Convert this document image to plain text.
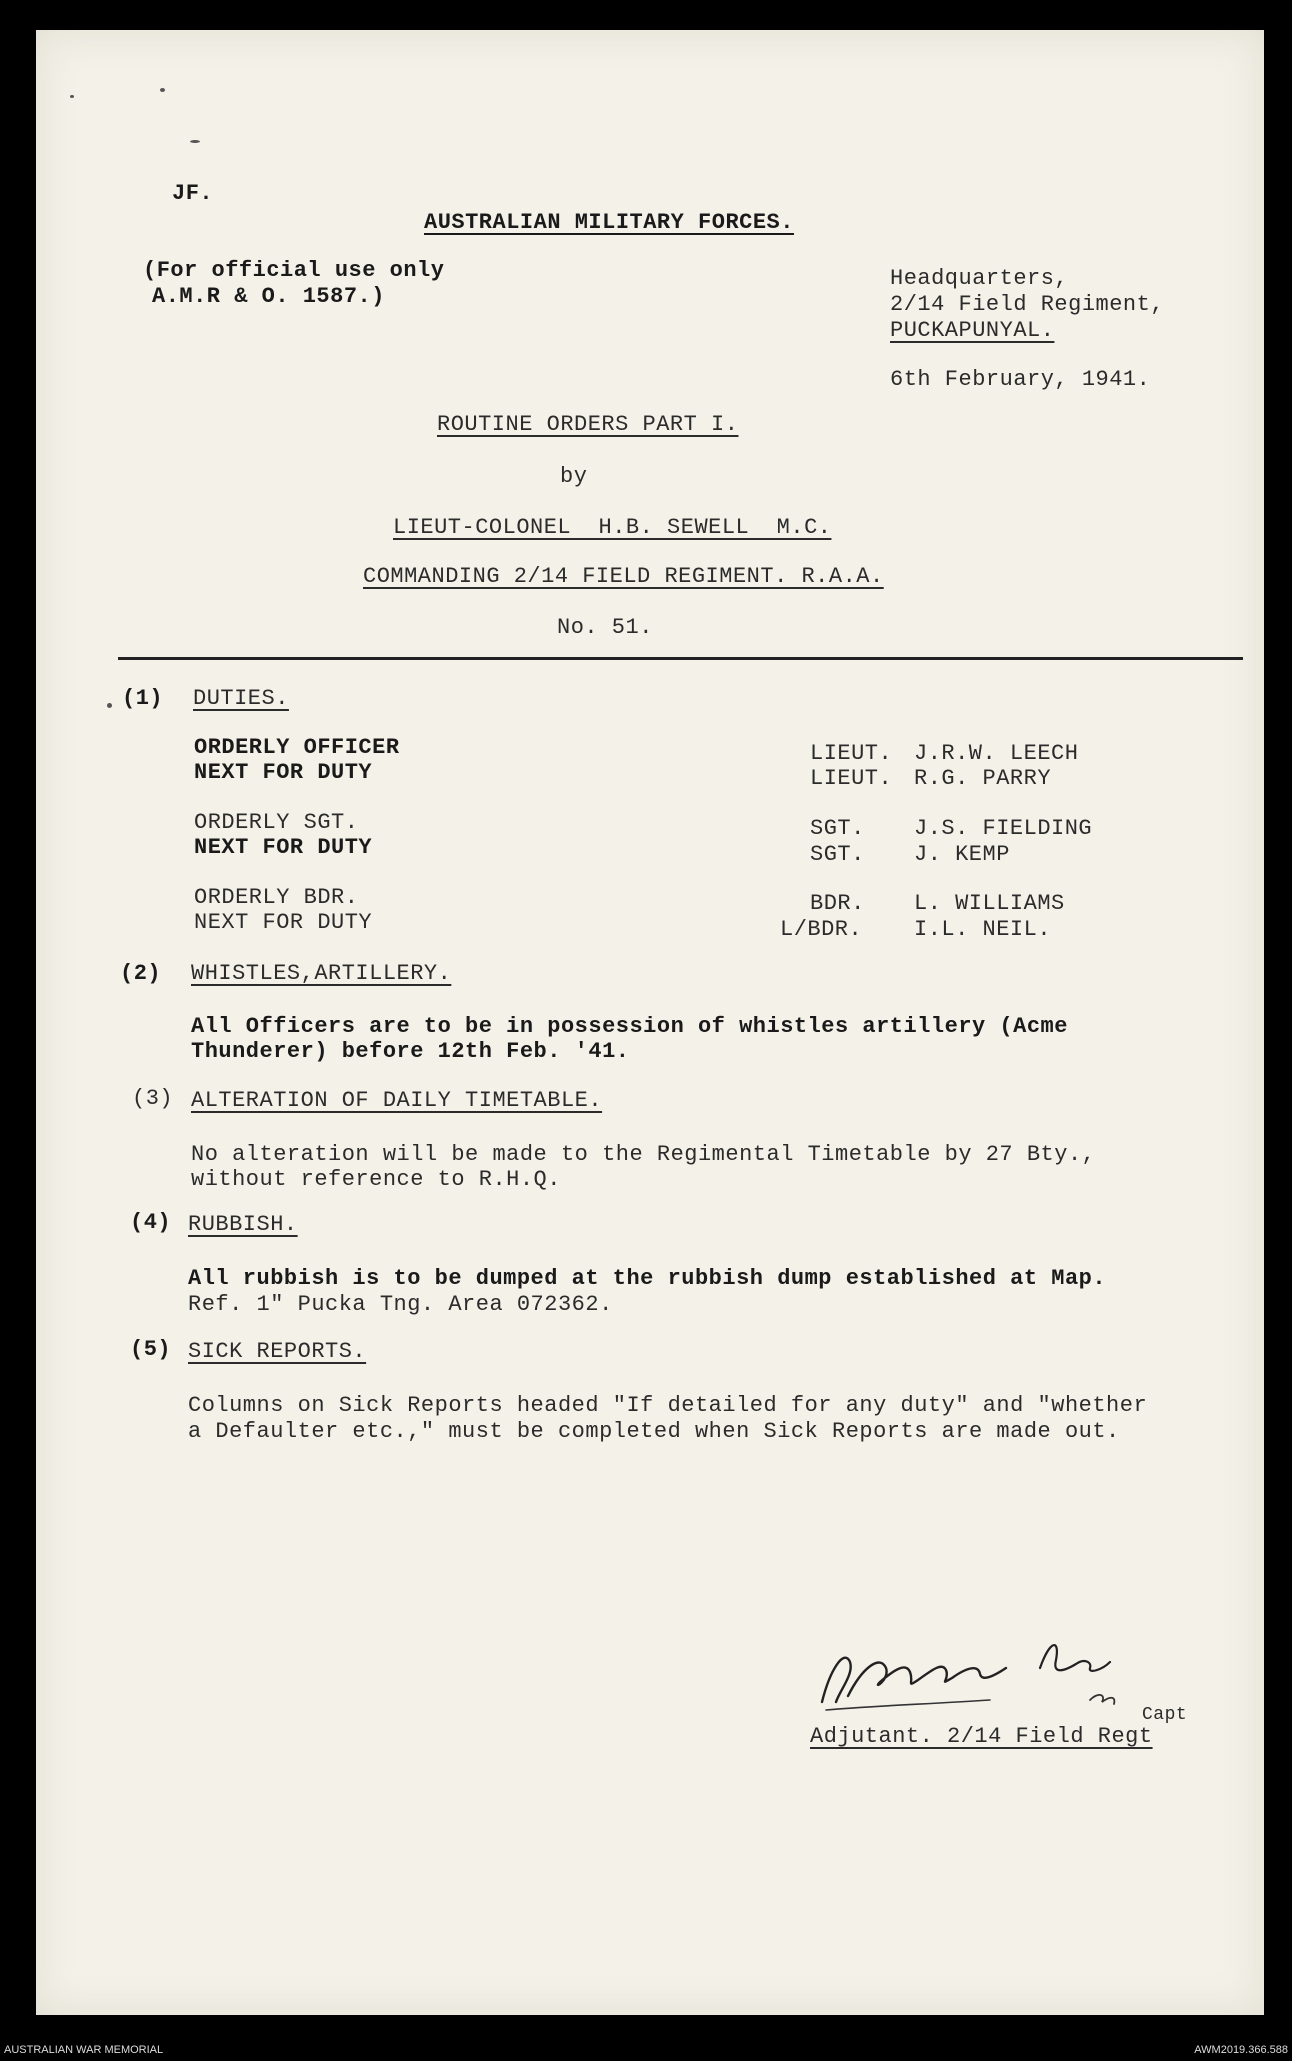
JF.
AUSTRALIAN MILITARY FORCES.
(For official use only
A.M.R & O. 1587.)
Headquarters,
2/14 Field Regiment,
PUCKAPUNYAL.
6th February, 1941.
ROUTINE ORDERS PART I.
by
LIEUT-COLONEL  H.B. SEWELL  M.C.
COMMANDING 2/14 FIELD REGIMENT. R.A.A.
No. 51.
(1) DUTIES.
ORDERLY OFFICER
NEXT FOR DUTY
ORDERLY SGT.
NEXT FOR DUTY
ORDERLY BDR.
NEXT FOR DUTY
LIEUT.
LIEUT.
SGT.
SGT.
BDR.
L/BDR.
J.R.W. LEECH
R.G. PARRY
J.S. FIELDING
J. KEMP
L. WILLIAMS
I.L. NEIL.
(2) WHISTLES,ARTILLERY.
All Officers are to be in possession of whistles artillery (Acme
Thunderer) before 12th Feb. '41.
(3) ALTERATION OF DAILY TIMETABLE.
No alteration will be made to the Regimental Timetable by 27 Bty.,
without reference to R.H.Q.
(4) RUBBISH.
All rubbish is to be dumped at the rubbish dump established at Map.
Ref. 1" Pucka Tng. Area 072362.
(5) SICK REPORTS.
Columns on Sick Reports headed "If detailed for any duty" and "whether
a Defaulter etc.," must be completed when Sick Reports are made out.
Capt
Adjutant. 2/14 Field Regt
AUSTRALIAN WAR MEMORIAL	AWM2019.366.588
